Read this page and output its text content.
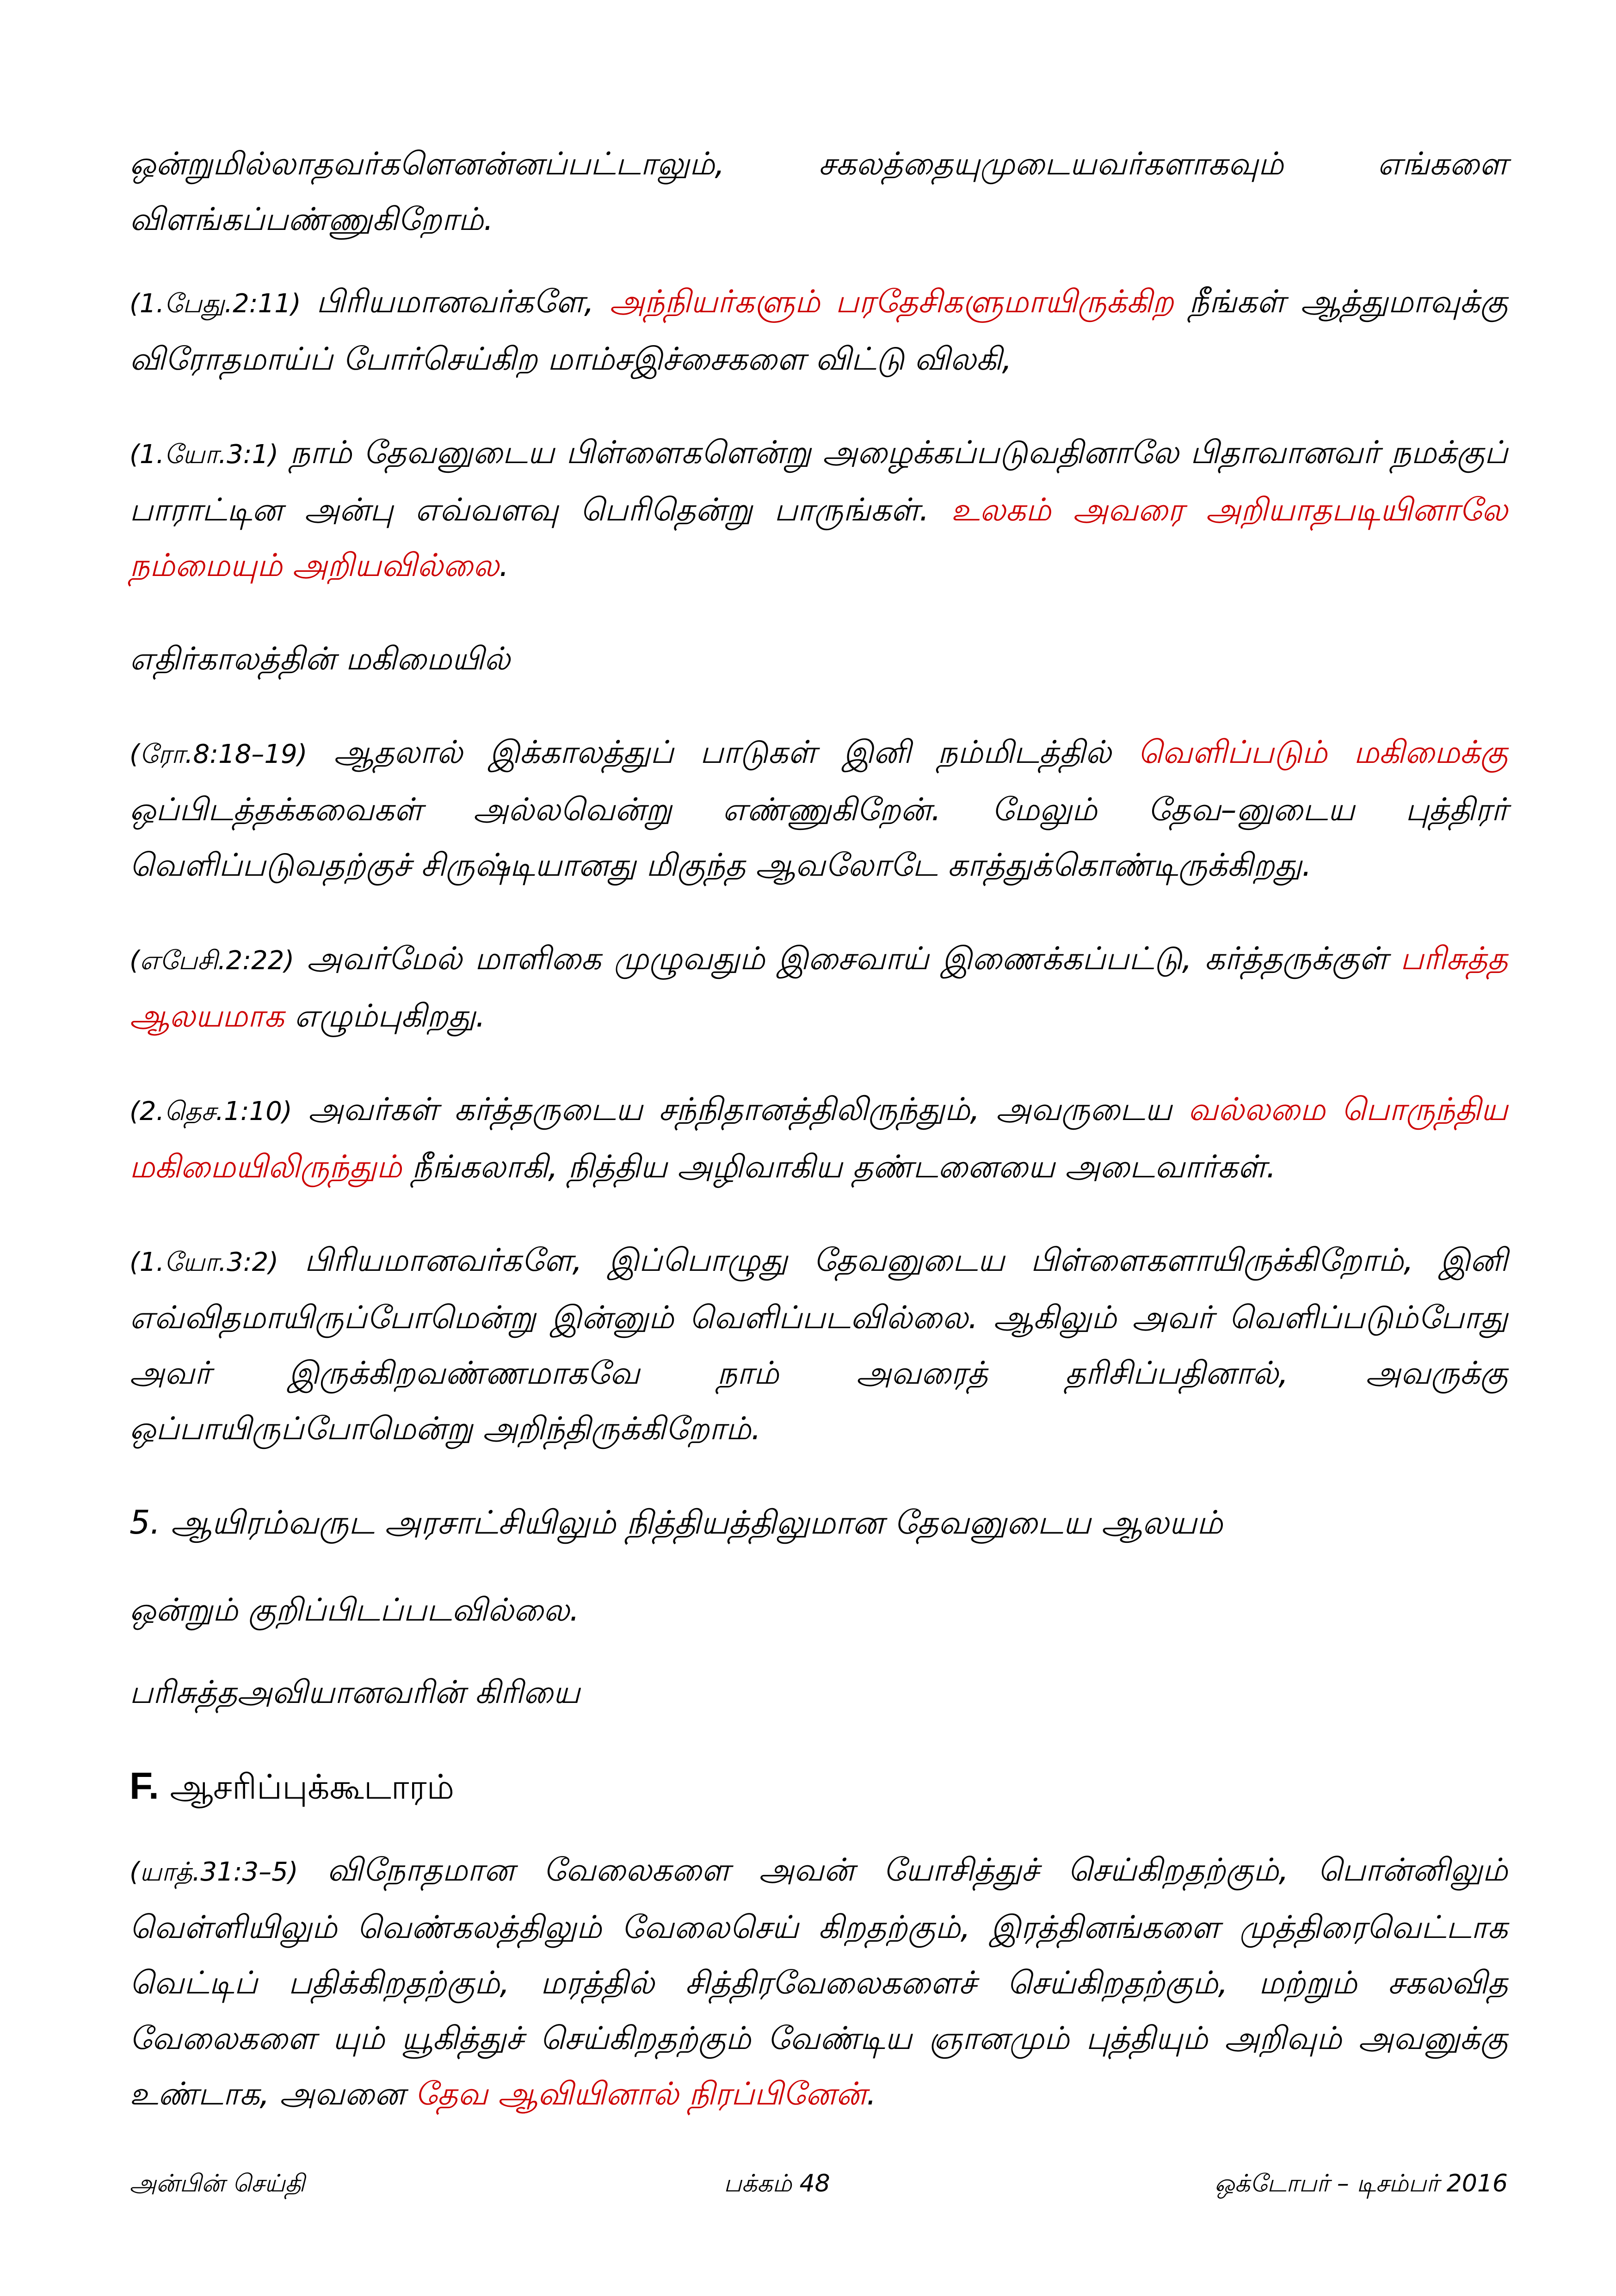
ஒன்றுமில்லாதவர்களெனன்னப்பட்டாலும், சகலத்தையுமுடையவர்களாகவும் எங்களை விளங்கப்பண்ணுகிறோம்.

(1.பேது.2:11) பிரியமானவர்களே, அந்நியர்களும் பரதேசிகளுமாயிருக்கிற நீங்கள் ஆத்துமாவுக்கு விரோதமாய்ப் போர்செய்கிற மாம்சஇச்சைகளை விட்டு விலகி,

(1.யோ.3:1) நாம் தேவனுடைய பிள்ளைகளென்று அழைக்கப்படுவதினாலே பிதாவானவர் நமக்குப் பாராட்டின அன்பு எவ்வளவு பெரிதென்று பாருங்கள். உலகம் அவரை அறியாதபடியினாலே நம்மையும் அறியவில்லை.

எதிர்காலத்தின் மகிமையில்

(ரோ.8:18–19) ஆதலால் இக்காலத்துப் பாடுகள் இனி நம்மிடத்தில் வெளிப்படும் மகிமைக்கு ஒப்பிடத்தக்கவைகள் அல்லவென்று எண்ணுகிறேன். மேலும் தேவ–னுடைய புத்திரர் வெளிப்படுவதற்குச் சிருஷ்டியானது மிகுந்த ஆவலோடே காத்துக்கொண்டிருக்கிறது.

(எபேசி.2:22) அவர்மேல் மாளிகை முழுவதும் இசைவாய் இணைக்கப்பட்டு, கர்த்தருக்குள் பரிசுத்த ஆலயமாக எழும்புகிறது.

(2.தெச.1:10) அவர்கள் கர்த்தருடைய சந்நிதானத்திலிருந்தும், அவருடைய வல்லமை பொருந்திய மகிமையிலிருந்தும் நீங்கலாகி, நித்திய அழிவாகிய தண்டனையை அடைவார்கள்.

(1.யோ.3:2) பிரியமானவர்களே, இப்பொழுது தேவனுடைய பிள்ளைகளாயிருக்கிறோம், இனி எவ்விதமாயிருப்போமென்று இன்னும் வெளிப்படவில்லை. ஆகிலும் அவர் வெளிப்படும்போது அவர் இருக்கிறவண்ணமாகவே நாம் அவரைத் தரிசிப்பதினால், அவருக்கு ஒப்பாயிருப்போமென்று அறிந்திருக்கிறோம்.

5. ஆயிரம்வருட அரசாட்சியிலும் நித்தியத்திலுமான தேவனுடைய ஆலயம்

ஒன்றும் குறிப்பிடப்படவில்லை.

பரிசுத்தஅவியானவரின் கிரியை

F. ஆசரிப்புக்கூடாரம்

(யாத்.31:3–5) விநோதமான வேலைகளை அவன் யோசித்துச் செய்கிறதற்கும், பொன்னிலும் வெள்ளியிலும் வெண்கலத்திலும் வேலைசெய் கிறதற்கும், இரத்தினங்களை முத்திரைவெட்டாக வெட்டிப் பதிக்கிறதற்கும், மரத்தில் சித்திரவேலைகளைச் செய்கிறதற்கும், மற்றும் சகலவித வேலைகளை யும் யூகித்துச் செய்கிறதற்கும் வேண்டிய ஞானமும் புத்தியும் அறிவும் அவனுக்கு உண்டாக, அவனை தேவ ஆவியினால் நிரப்பினேன்.

அன்பின் செய்தி	பக்கம் 48	ஒக்டோபர் – டிசம்பர் 2016
